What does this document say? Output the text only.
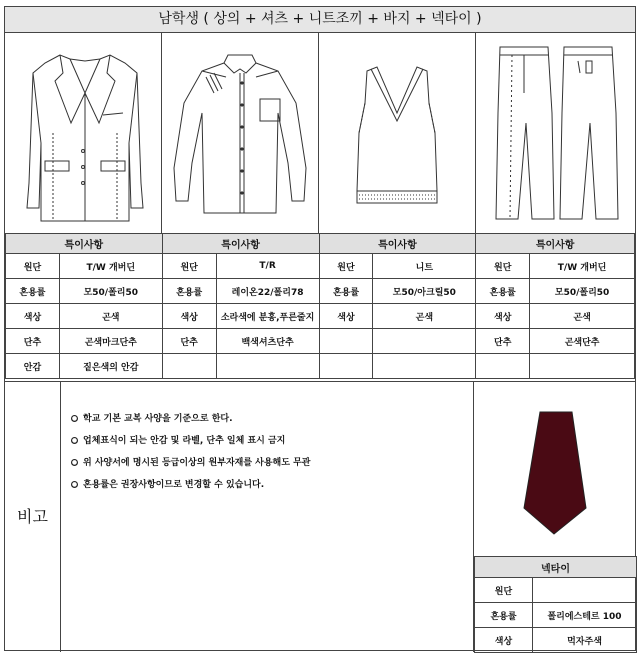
남학생 ( 상의 + 셔츠 + 니트조끼 + 바지 + 넥타이 )
특이사항		특이사항		특이사항		특이사항	
원단	T/W 개버딘	원단	T/R	원단	니트	원단	T/W 개버딘
혼용률	모50/폴리50	혼용률	레이온22/폴리78	혼용률	모50/아크릴50	혼용률	모50/폴리50
색상	곤색	색상	소라색에 분홍,푸른줄지	색상	곤색	색상	곤색
단추	곤색마크단추	단추	백색셔츠단추			단추	곤색단추
안감	짙은색의 안감						
비고
● 학교 기본 교복 사양을 기준으로 한다.
● 업체표식이 되는 안감 및 라벨, 단추 일체 표시 금지
● 위 사양서에 명시된 등급이상의 원부자재를 사용해도 무관
● 혼용률은 권장사항이므로 변경할 수 있습니다.
넥타이	
원단	
혼용률	폴리에스테르 100
색상	먹자주색
